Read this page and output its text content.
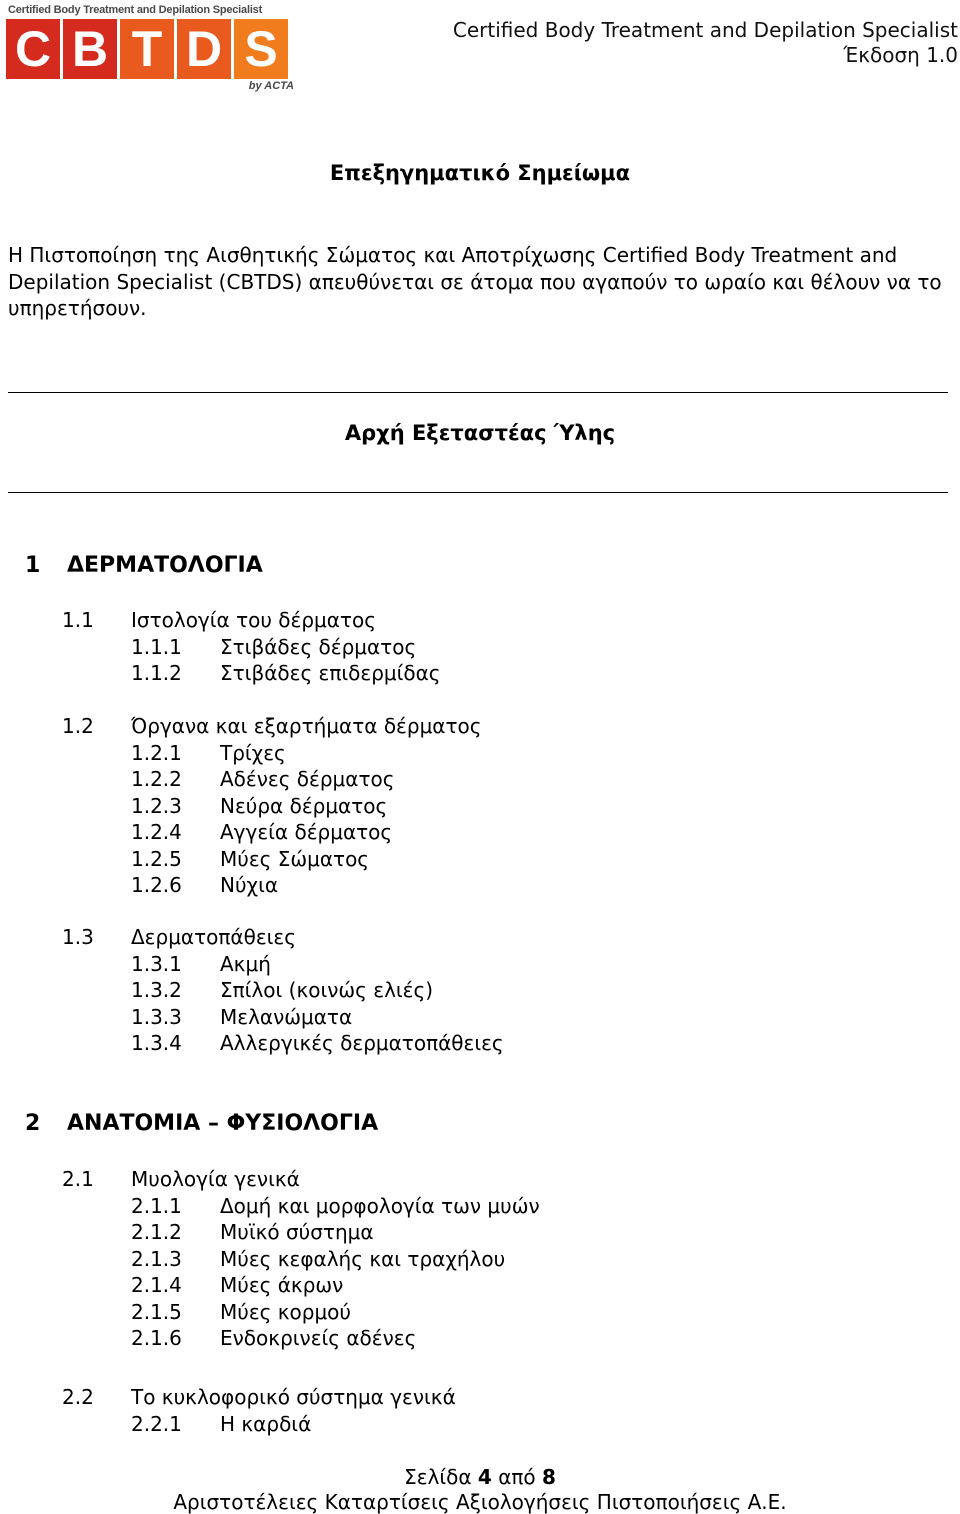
Certified Body Treatment and Depilation Specialist
C B T D S
by ACTA
Certified Body Treatment and Depilation Specialist
Έκδοση 1.0
Επεξηγηματικό Σημείωμα
Η Πιστοποίηση της Αισθητικής Σώματος και Αποτρίχωσης Certified Body Treatment and Depilation Specialist (CBTDS) απευθύνεται σε άτομα που αγαπούν το ωραίο και θέλουν να το υπηρετήσουν.
Αρχή Εξεταστέας Ύλης
1 ΔΕΡΜΑΤΟΛΟΓΙΑ
1.1 Ιστολογία του δέρματος
1.1.1 Στιβάδες δέρματος
1.1.2 Στιβάδες επιδερμίδας
1.2 Όργανα και εξαρτήματα δέρματος
1.2.1 Τρίχες
1.2.2 Αδένες δέρματος
1.2.3 Νεύρα δέρματος
1.2.4 Αγγεία δέρματος
1.2.5 Μύες Σώματος
1.2.6 Νύχια
1.3 Δερματοπάθειες
1.3.1 Ακμή
1.3.2 Σπίλοι (κοινώς ελιές)
1.3.3 Μελανώματα
1.3.4 Αλλεργικές δερματοπάθειες
2 ΑΝΑΤΟΜΙΑ – ΦΥΣΙΟΛΟΓΙΑ
2.1 Μυολογία γενικά
2.1.1 Δομή και μορφολογία των μυών
2.1.2 Μυϊκό σύστημα
2.1.3 Μύες κεφαλής και τραχήλου
2.1.4 Μύες άκρων
2.1.5 Μύες κορμού
2.1.6 Ενδοκρινείς αδένες
2.2 Το κυκλοφορικό σύστημα γενικά
2.2.1 Η καρδιά
Σελίδα 4 από 8
Αριστοτέλειες Καταρτίσεις Αξιολογήσεις Πιστοποιήσεις Α.Ε.
